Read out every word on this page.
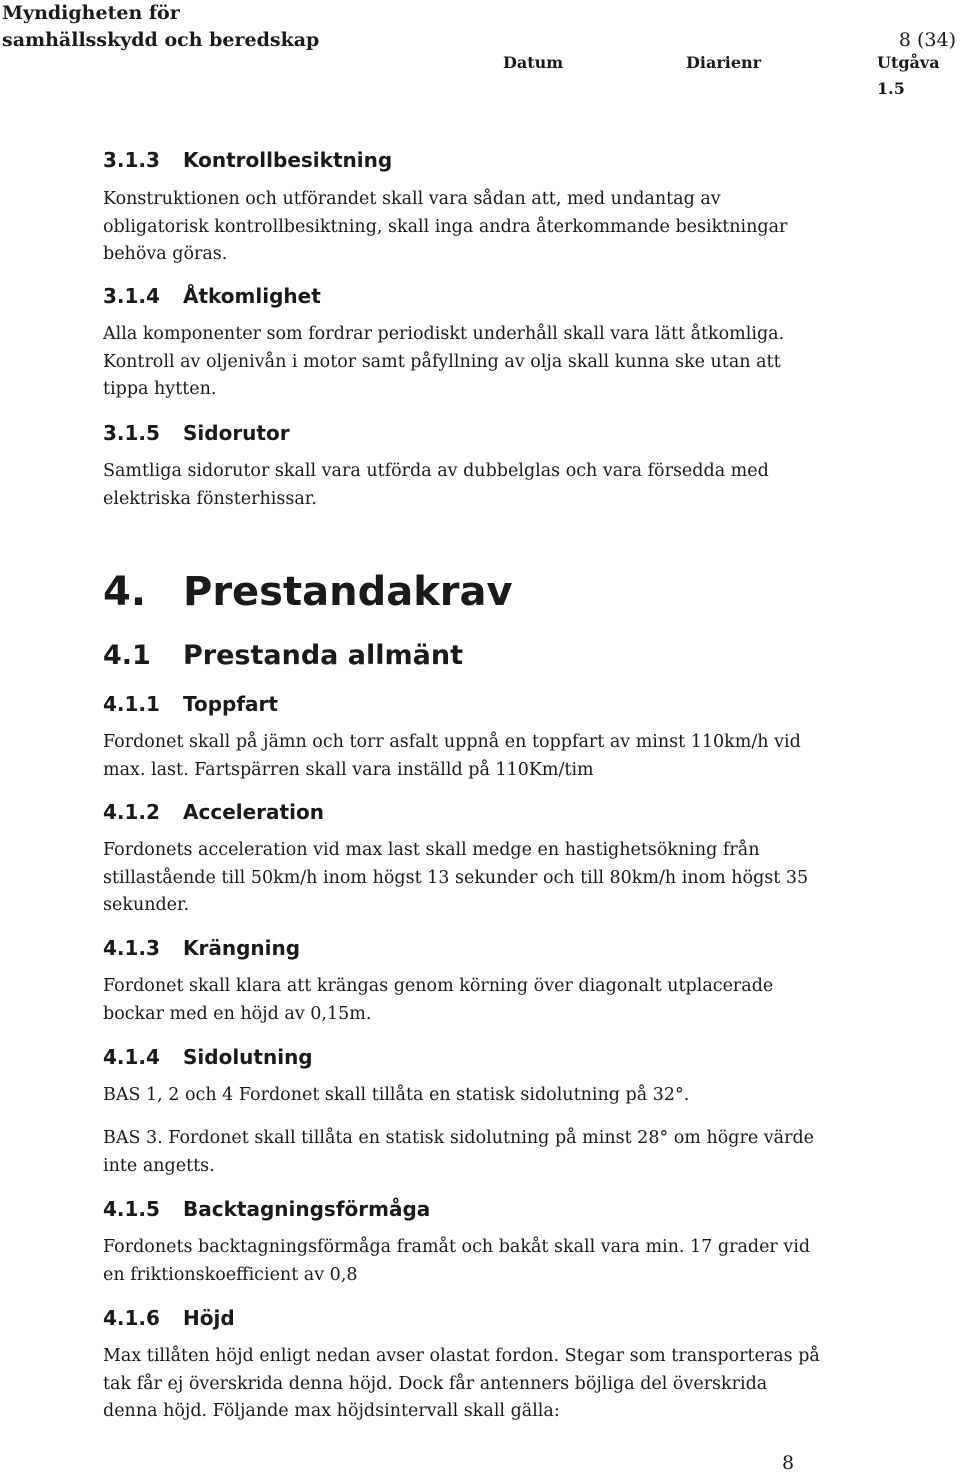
Myndigheten för
samhällsskydd och beredskap	8 (34)
Datum	Diarienr	Utgåva
1.5
3.1.3 Kontrollbesiktning

Konstruktionen och utförandet skall vara sådan att, med undantag av obligatorisk kontrollbesiktning, skall inga andra återkommande besiktningar behöva göras.

3.1.4 Åtkomlighet

Alla komponenter som fordrar periodiskt underhåll skall vara lätt åtkomliga. Kontroll av oljenivån i motor samt påfyllning av olja skall kunna ske utan att tippa hytten.

3.1.5 Sidorutor

Samtliga sidorutor skall vara utförda av dubbelglas och vara försedda med elektriska fönsterhissar.

4. Prestandakrav
4.1 Prestanda allmänt
4.1.1 Toppfart

Fordonet skall på jämn och torr asfalt uppnå en toppfart av minst 110km/h vid max. last. Fartspärren skall vara inställd på 110Km/tim

4.1.2 Acceleration

Fordonets acceleration vid max last skall medge en hastighetsökning från stillastående till 50km/h inom högst 13 sekunder och till 80km/h inom högst 35 sekunder.

4.1.3 Krängning

Fordonet skall klara att krängas genom körning över diagonalt utplacerade bockar med en höjd av 0,15m.

4.1.4 Sidolutning

BAS 1, 2 och 4 Fordonet skall tillåta en statisk sidolutning på 32°.

BAS 3. Fordonet skall tillåta en statisk sidolutning på minst 28° om högre värde inte angetts.

4.1.5 Backtagningsförmåga

Fordonets backtagningsförmåga framåt och bakåt skall vara min. 17 grader vid en friktionskoefficient av 0,8

4.1.6 Höjd

Max tillåten höjd enligt nedan avser olastat fordon. Stegar som transporteras på tak får ej överskrida denna höjd. Dock får antenners böjliga del överskrida denna höjd. Följande max höjdsintervall skall gälla:

8
